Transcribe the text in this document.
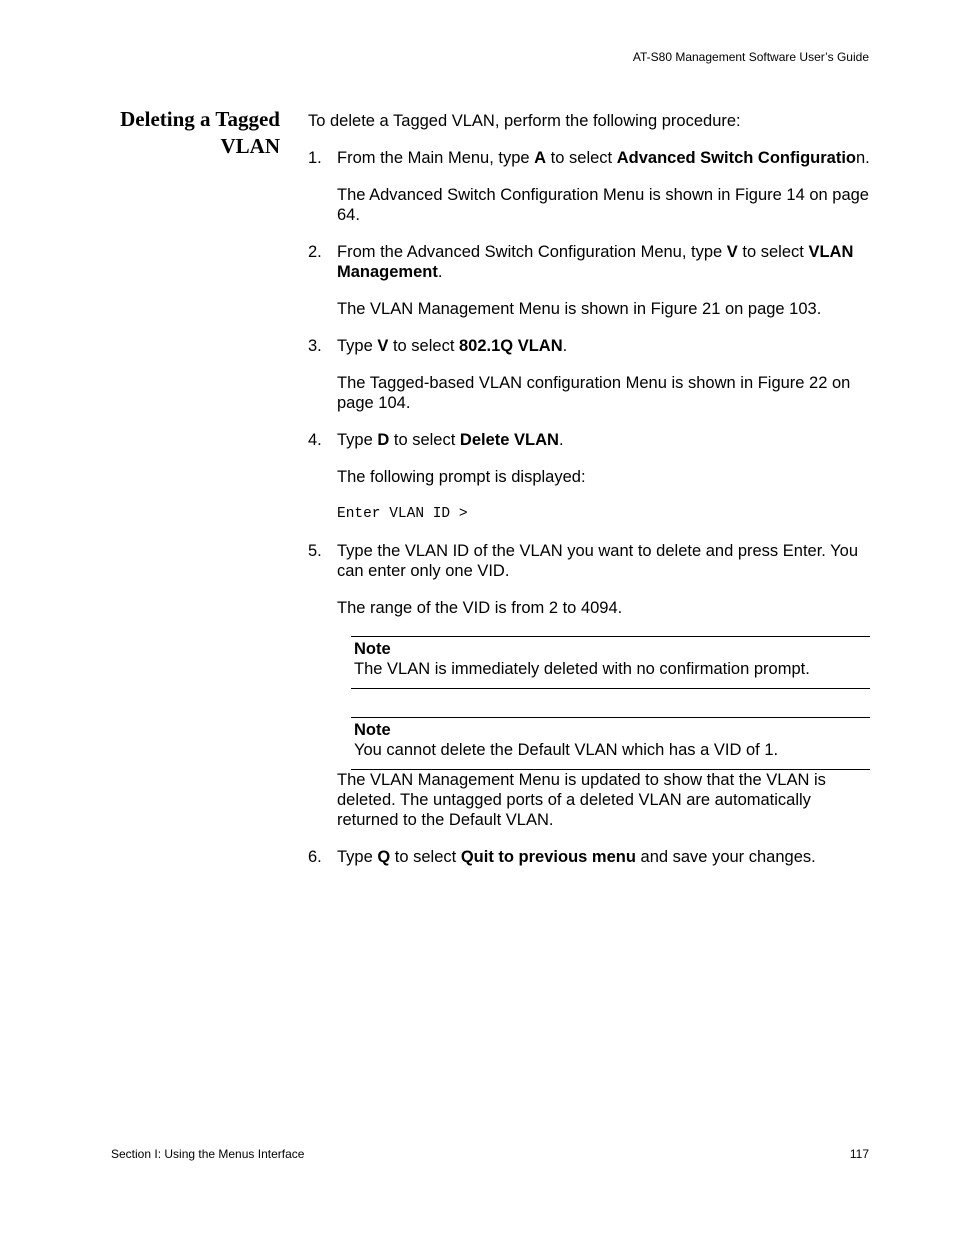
AT-S80 Management Software User’s Guide
Deleting a Tagged
VLAN

To delete a Tagged VLAN, perform the following procedure:

1. From the Main Menu, type A to select Advanced Switch Configuration.

The Advanced Switch Configuration Menu is shown in Figure 14 on page 64.

2. From the Advanced Switch Configuration Menu, type V to select VLAN Management.

The VLAN Management Menu is shown in Figure 21 on page 103.

3. Type V to select 802.1Q VLAN.

The Tagged-based VLAN configuration Menu is shown in Figure 22 on page 104.

4. Type D to select Delete VLAN.

The following prompt is displayed:

Enter VLAN ID >
5. Type the VLAN ID of the VLAN you want to delete and press Enter. You can enter only one VID.

The range of the VID is from 2 to 4094.

Note
The VLAN is immediately deleted with no confirmation prompt.
Note
You cannot delete the Default VLAN which has a VID of 1.

The VLAN Management Menu is updated to show that the VLAN is deleted. The untagged ports of a deleted VLAN are automatically returned to the Default VLAN.

6. Type Q to select Quit to previous menu and save your changes.

Section I: Using the Menus Interface	117
